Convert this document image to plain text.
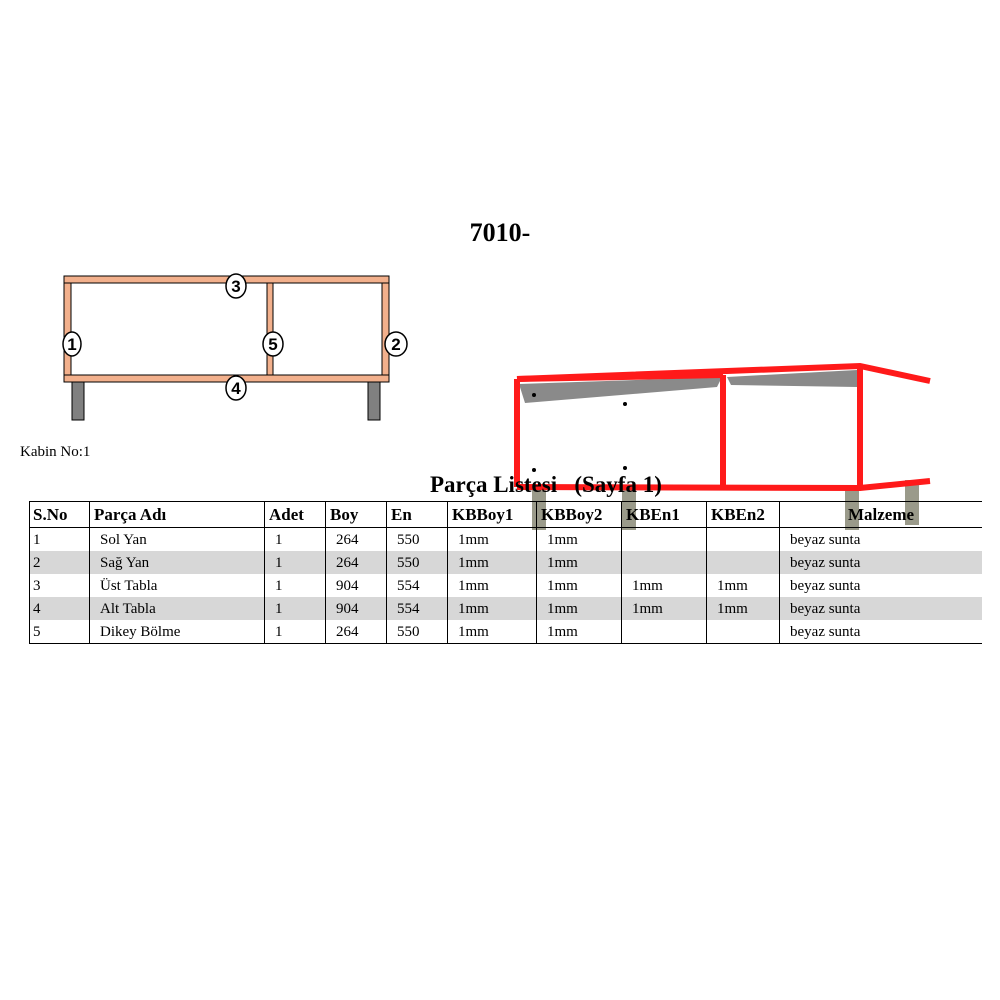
7010-
1	2
3
4
5
Kabin No:1
Parça Listesi   (Sayfa 1)
S.No	Parça Adı	Adet	Boy	En	KBBoy1	KBBoy2	KBEn1	KBEn2	Malzeme
1	Sol Yan	1	264	550	1mm	1mm			beyaz sunta
2	Sağ Yan	1	264	550	1mm	1mm			beyaz sunta
3	Üst Tabla	1	904	554	1mm	1mm	1mm	1mm	beyaz sunta
4	Alt Tabla	1	904	554	1mm	1mm	1mm	1mm	beyaz sunta
5	Dikey Bölme	1	264	550	1mm	1mm			beyaz sunta
